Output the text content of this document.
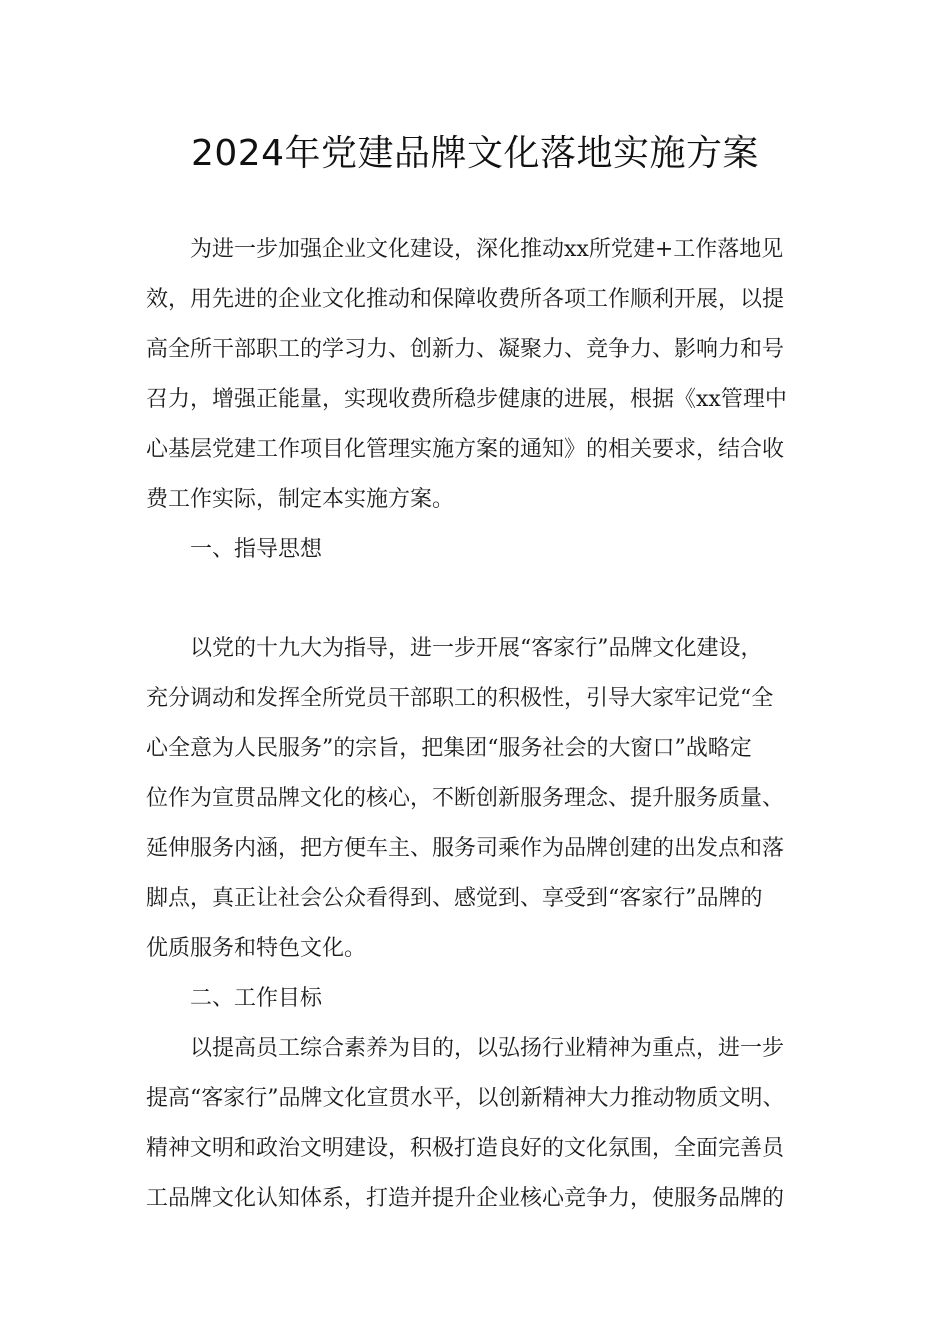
2024年党建品牌文化落地实施方案

为进一步加强企业文化建设，深化推动xx所党建+工作落地见

效，用先进的企业文化推动和保障收费所各项工作顺利开展，以提

高全所干部职工的学习力、创新力、凝聚力、竞争力、影响力和号

召力，增强正能量，实现收费所稳步健康的进展，根据《xx管理中

心基层党建工作项目化管理实施方案的通知》的相关要求，结合收

费工作实际，制定本实施方案。

一、指导思想

以党的十九大为指导，进一步开展“客家行”品牌文化建设，

充分调动和发挥全所党员干部职工的积极性，引导大家牢记党“全

心全意为人民服务”的宗旨，把集团“服务社会的大窗口”战略定

位作为宣贯品牌文化的核心，不断创新服务理念、提升服务质量、

延伸服务内涵，把方便车主、服务司乘作为品牌创建的出发点和落

脚点，真正让社会公众看得到、感觉到、享受到“客家行”品牌的

优质服务和特色文化。

二、工作目标

以提高员工综合素养为目的，以弘扬行业精神为重点，进一步

提高“客家行”品牌文化宣贯水平，以创新精神大力推动物质文明、

精神文明和政治文明建设，积极打造良好的文化氛围，全面完善员

工品牌文化认知体系，打造并提升企业核心竞争力，使服务品牌的
